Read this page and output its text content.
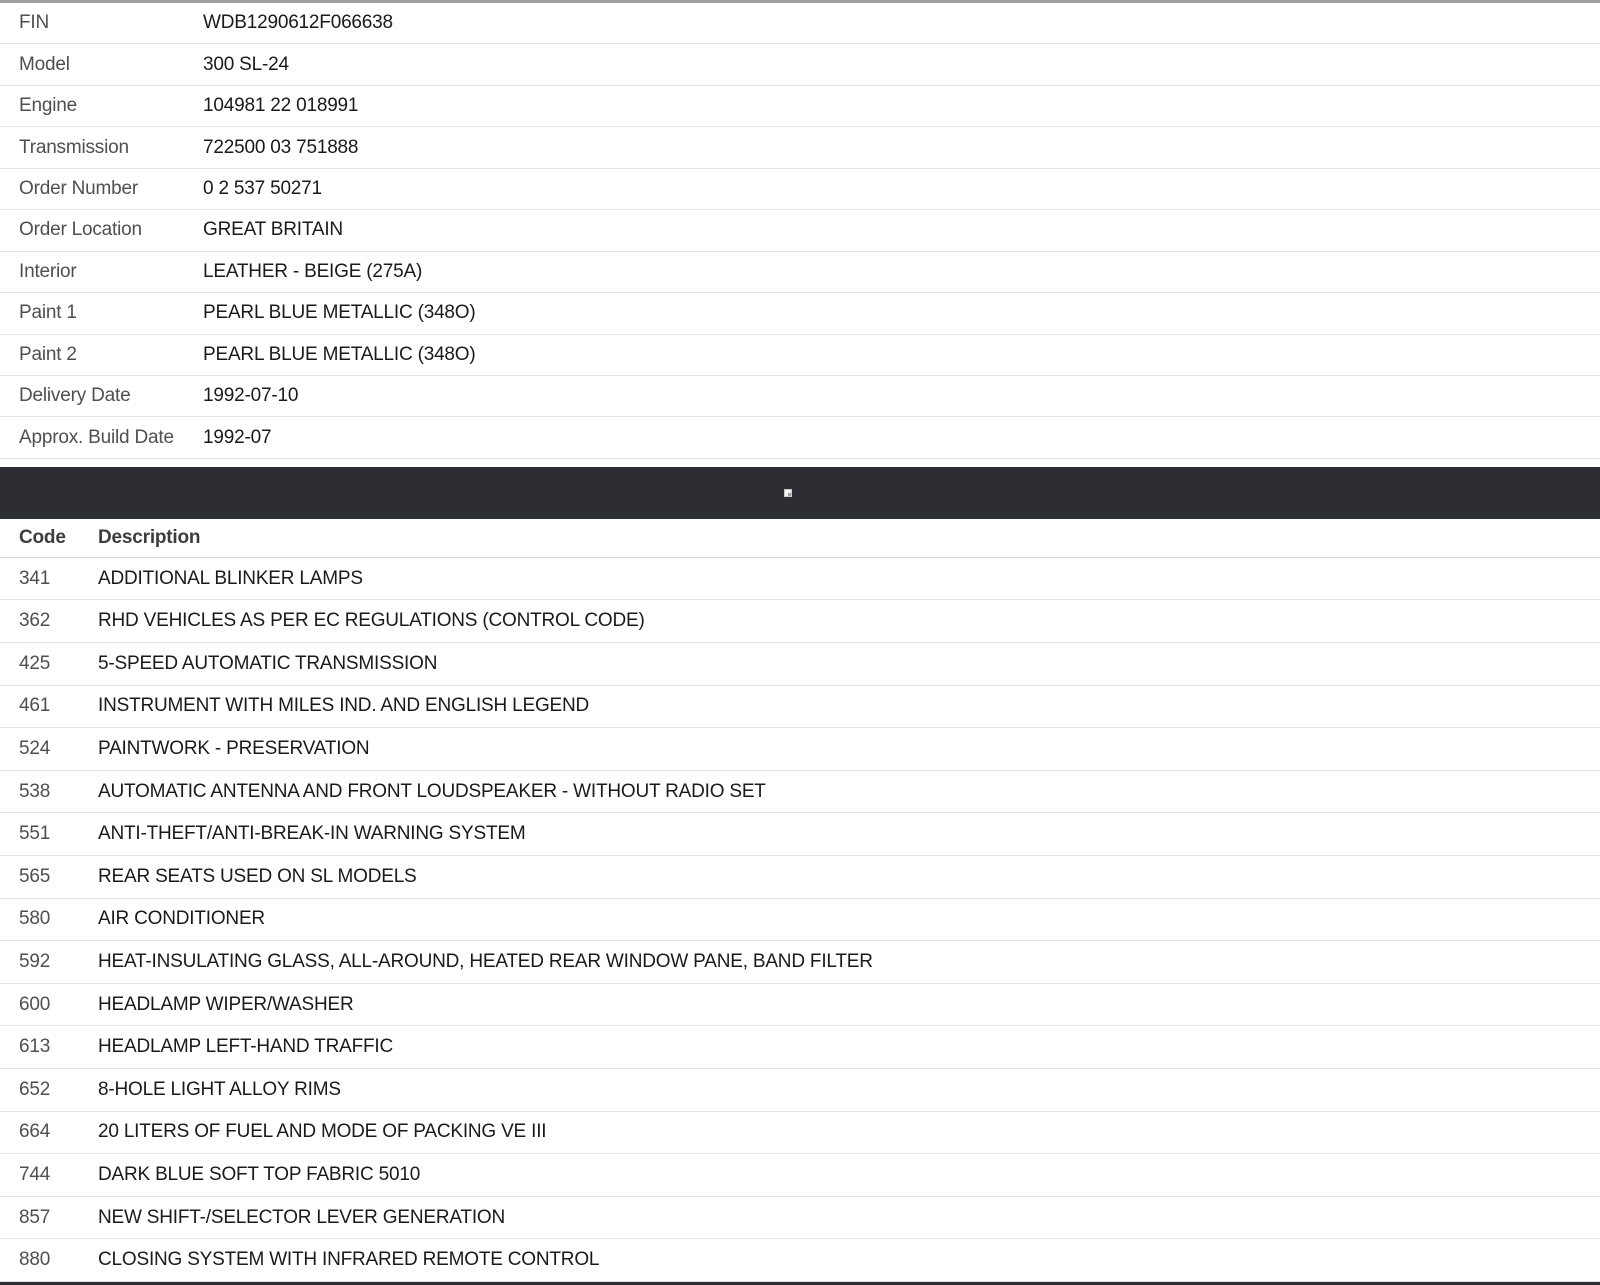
FIN	WDB1290612F066638
Model	300 SL-24
Engine	104981 22 018991
Transmission	722500 03 751888
Order Number	0 2 537 50271
Order Location	GREAT BRITAIN
Interior	LEATHER - BEIGE (275A)
Paint 1	PEARL BLUE METALLIC (348O)
Paint 2	PEARL BLUE METALLIC (348O)
Delivery Date	1992-07-10
Approx. Build Date	1992-07
Code	Description
341	ADDITIONAL BLINKER LAMPS
362	RHD VEHICLES AS PER EC REGULATIONS (CONTROL CODE)
425	5-SPEED AUTOMATIC TRANSMISSION
461	INSTRUMENT WITH MILES IND. AND ENGLISH LEGEND
524	PAINTWORK - PRESERVATION
538	AUTOMATIC ANTENNA AND FRONT LOUDSPEAKER - WITHOUT RADIO SET
551	ANTI-THEFT/ANTI-BREAK-IN WARNING SYSTEM
565	REAR SEATS USED ON SL MODELS
580	AIR CONDITIONER
592	HEAT-INSULATING GLASS, ALL-AROUND, HEATED REAR WINDOW PANE, BAND FILTER
600	HEADLAMP WIPER/WASHER
613	HEADLAMP LEFT-HAND TRAFFIC
652	8-HOLE LIGHT ALLOY RIMS
664	20 LITERS OF FUEL AND MODE OF PACKING VE III
744	DARK BLUE SOFT TOP FABRIC 5010
857	NEW SHIFT-/SELECTOR LEVER GENERATION
880	CLOSING SYSTEM WITH INFRARED REMOTE CONTROL
